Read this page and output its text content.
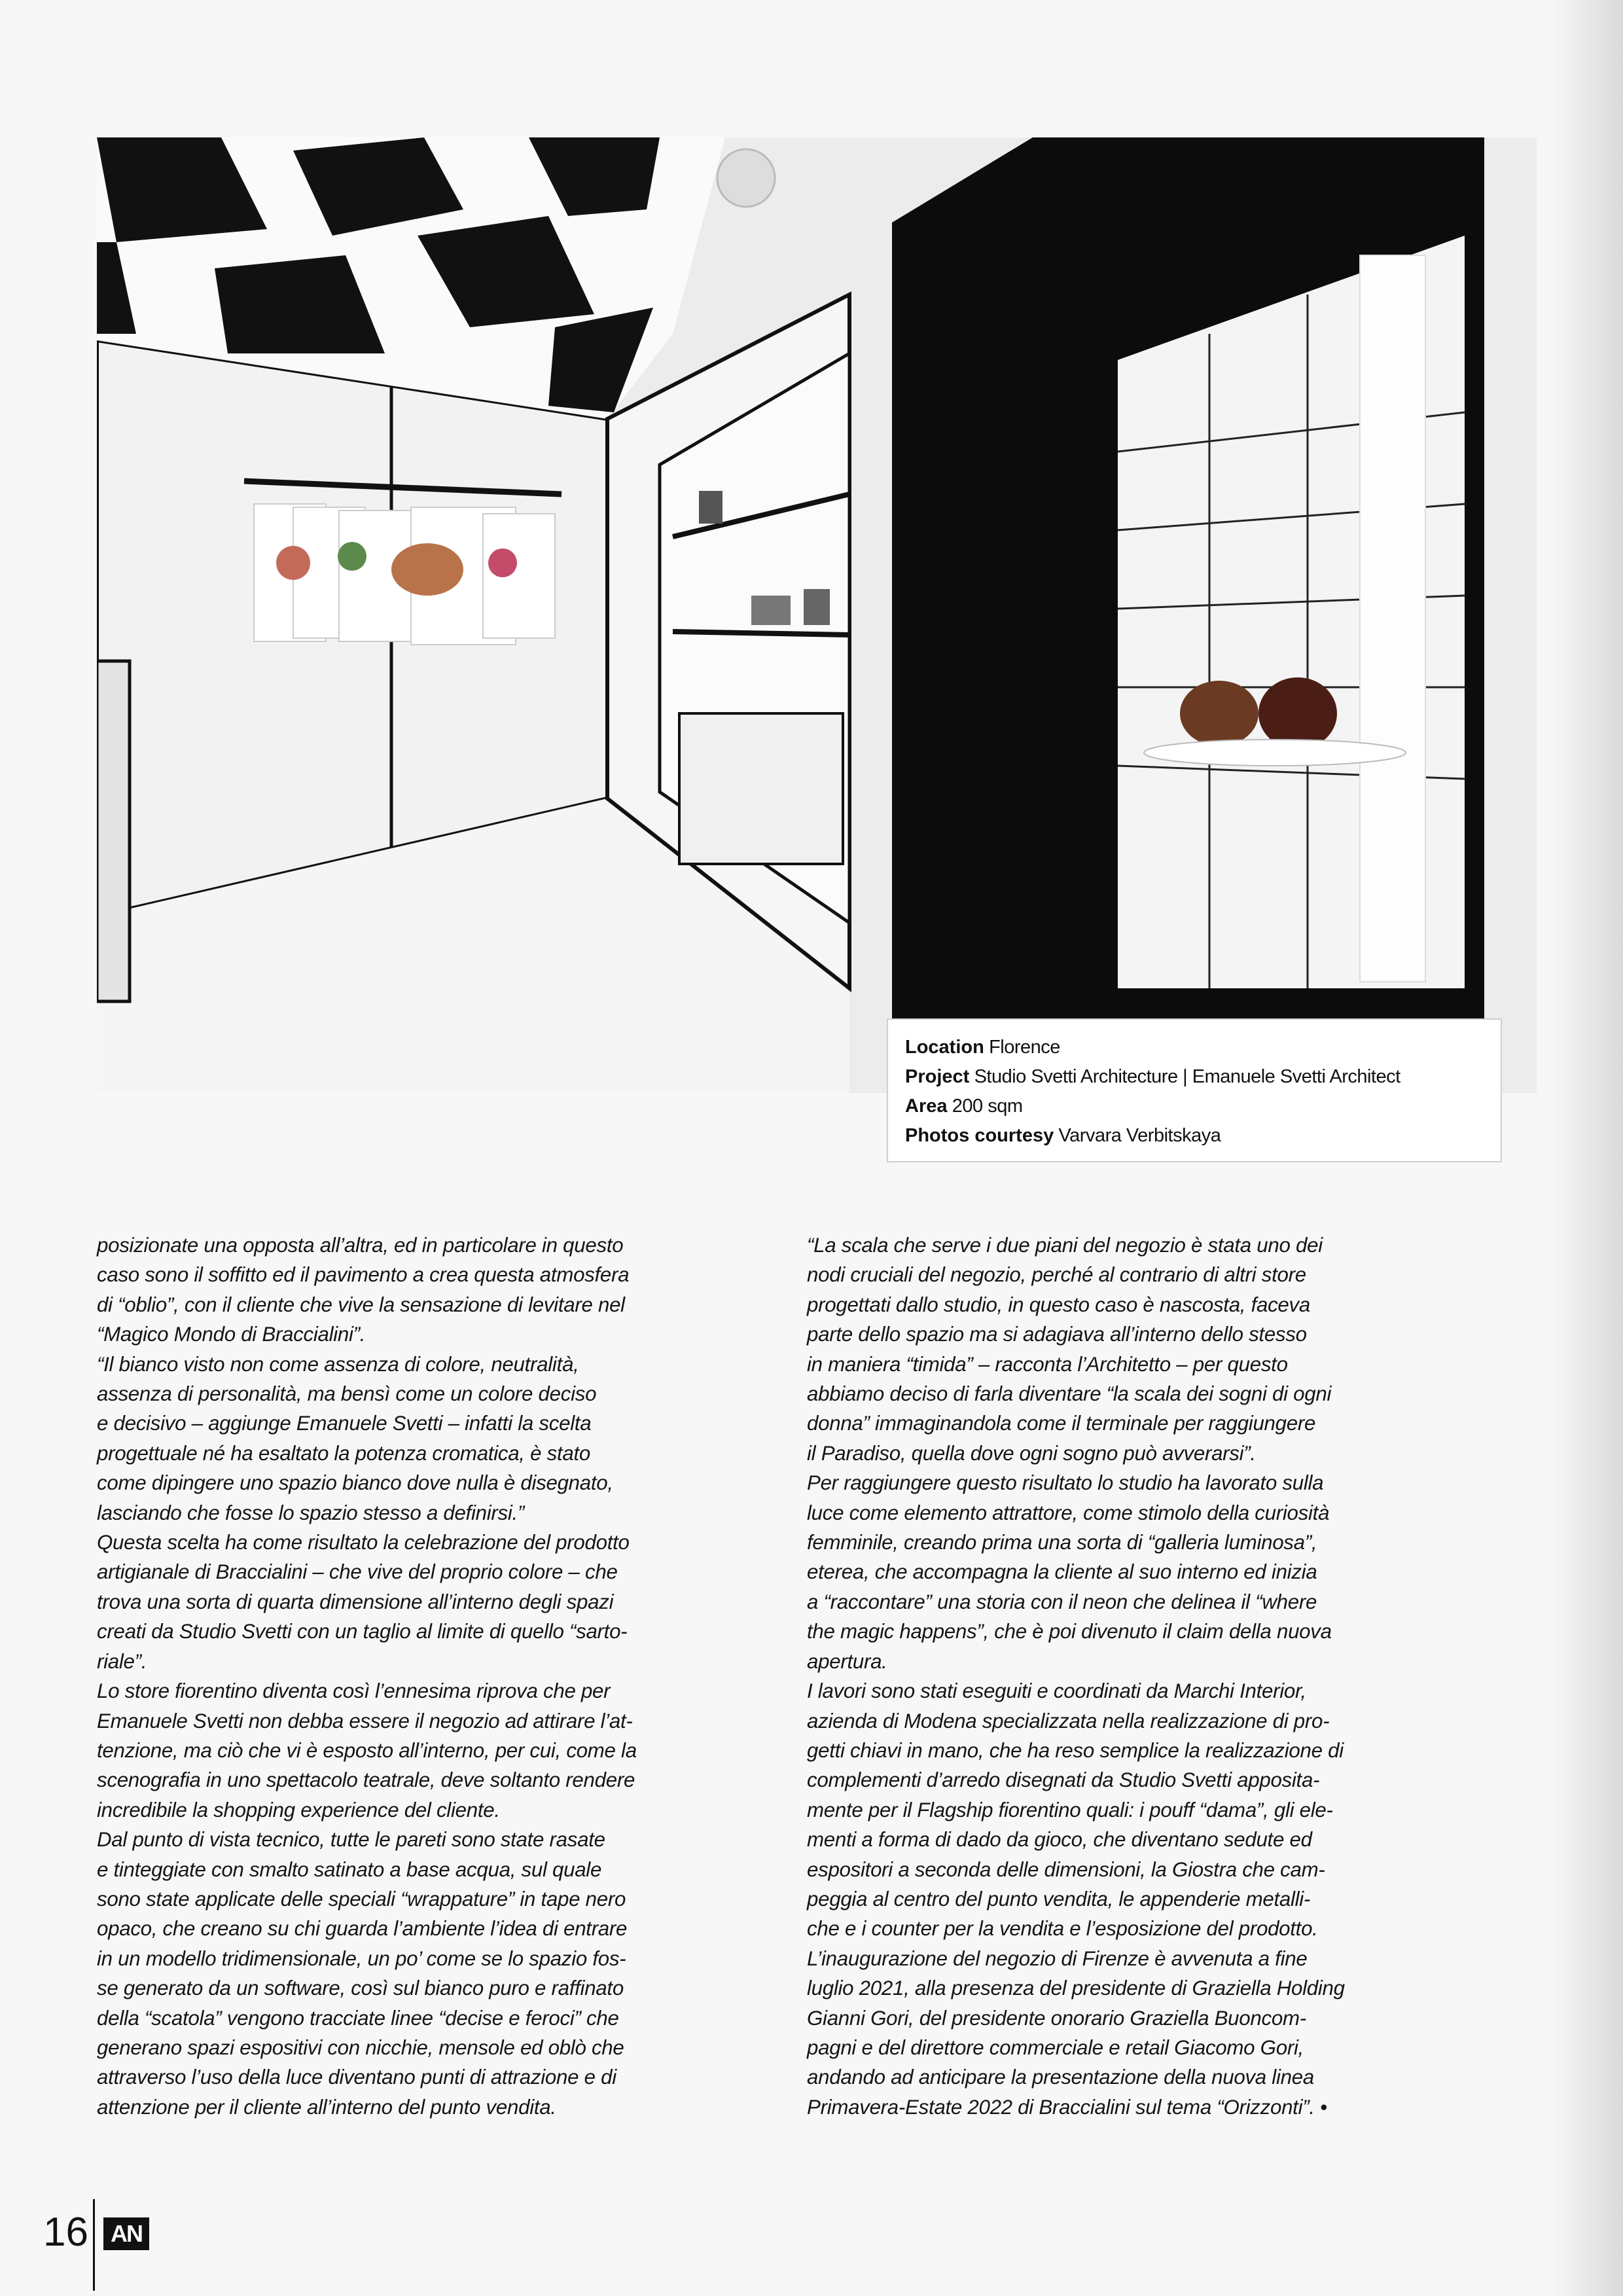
Location Florence
Project Studio Svetti Architecture | Emanuele Svetti Architect
Area 200 sqm
Photos courtesy Varvara Verbitskaya
posizionate una opposta all’altra, ed in particolare in questo
caso sono il soffitto ed il pavimento a crea questa atmosfera
di “oblio”, con il cliente che vive la sensazione di levitare nel
“Magico Mondo di Braccialini”.
“Il bianco visto non come assenza di colore, neutralità,
assenza di personalità, ma bensì come un colore deciso
e decisivo – aggiunge Emanuele Svetti – infatti la scelta
progettuale né ha esaltato la potenza cromatica, è stato
come dipingere uno spazio bianco dove nulla è disegnato,
lasciando che fosse lo spazio stesso a definirsi.”
Questa scelta ha come risultato la celebrazione del prodotto
artigianale di Braccialini – che vive del proprio colore – che
trova una sorta di quarta dimensione all’interno degli spazi
creati da Studio Svetti con un taglio al limite di quello “sarto-
riale”.
Lo store fiorentino diventa così l’ennesima riprova che per
Emanuele Svetti non debba essere il negozio ad attirare l’at-
tenzione, ma ciò che vi è esposto all’interno, per cui, come la
scenografia in uno spettacolo teatrale, deve soltanto rendere
incredibile la shopping experience del cliente.
Dal punto di vista tecnico, tutte le pareti sono state rasate
e tinteggiate con smalto satinato a base acqua, sul quale
sono state applicate delle speciali “wrappature” in tape nero
opaco, che creano su chi guarda l’ambiente l’idea di entrare
in un modello tridimensionale, un po’ come se lo spazio fos-
se generato da un software, così sul bianco puro e raffinato
della “scatola” vengono tracciate linee “decise e feroci” che
generano spazi espositivi con nicchie, mensole ed oblò che
attraverso l’uso della luce diventano punti di attrazione e di
attenzione per il cliente all’interno del punto vendita.
“La scala che serve i due piani del negozio è stata uno dei
nodi cruciali del negozio, perché al contrario di altri store
progettati dallo studio, in questo caso è nascosta, faceva
parte dello spazio ma si adagiava all’interno dello stesso
in maniera “timida” – racconta l’Architetto – per questo
abbiamo deciso di farla diventare “la scala dei sogni di ogni
donna” immaginandola come il terminale per raggiungere
il Paradiso, quella dove ogni sogno può avverarsi”.
Per raggiungere questo risultato lo studio ha lavorato sulla
luce come elemento attrattore, come stimolo della curiosità
femminile, creando prima una sorta di “galleria luminosa”,
eterea, che accompagna la cliente al suo interno ed inizia
a “raccontare” una storia con il neon che delinea il “where
the magic happens”, che è poi divenuto il claim della nuova
apertura.
I lavori sono stati eseguiti e coordinati da Marchi Interior,
azienda di Modena specializzata nella realizzazione di pro-
getti chiavi in mano, che ha reso semplice la realizzazione di
complementi d’arredo disegnati da Studio Svetti apposita-
mente per il Flagship fiorentino quali: i pouff “dama”, gli ele-
menti a forma di dado da gioco, che diventano sedute ed
espositori a seconda delle dimensioni, la Giostra che cam-
peggia al centro del punto vendita, le appenderie metalli-
che e i counter per la vendita e l’esposizione del prodotto.
L’inaugurazione del negozio di Firenze è avvenuta a fine
luglio 2021, alla presenza del presidente di Graziella Holding
Gianni Gori, del presidente onorario Graziella Buoncom-
pagni e del direttore commerciale e retail Giacomo Gori,
andando ad anticipare la presentazione della nuova linea
Primavera-Estate 2022 di Braccialini sul tema “Orizzonti”. •
16 AN
